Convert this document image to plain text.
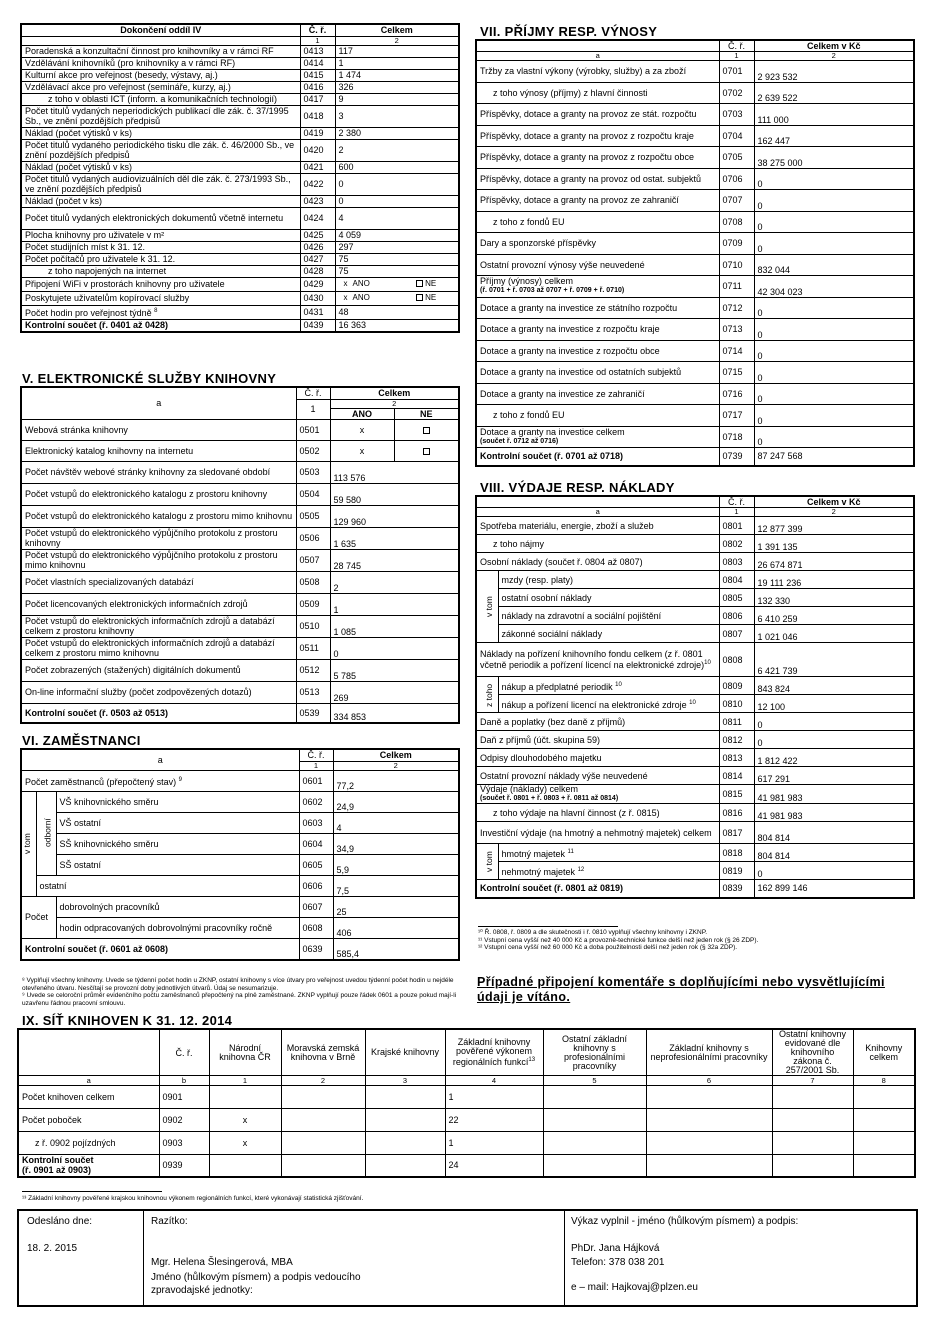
Dokončení oddíl IV	Č. ř.	Celkem
	1	2
Poradenská a konzultační činnost pro knihovníky a v rámci RF	0413	117
Vzdělávání knihovníků (pro knihovníky a v rámci RF)	0414	1
Kulturní akce pro veřejnost (besedy, výstavy, aj.)	0415	1 474
Vzdělávací akce pro veřejnost (semináře, kurzy, aj.)	0416	326
z toho v oblasti ICT (inform. a komunikačních technologií)	0417	9
Počet titulů vydaných neperiodických publikací dle zák. č. 37/1995 Sb., ve znění pozdějších předpisů	0418	3
Náklad (počet výtisků v ks)	0419	2 380
Počet titulů vydaného periodického tisku dle zák. č. 46/2000 Sb., ve znění pozdějších předpisů	0420	2
Náklad (počet výtisků v ks)	0421	600
Počet titulů vydaných audiovizuálních děl dle zák. č. 273/1993 Sb., ve znění pozdějších předpisů	0422	0
Náklad (počet v ks)	0423	0
Počet titulů vydaných elektronických dokumentů včetně internetu	0424	4
Plocha knihovny pro uživatele v m²	0425	4 059
Počet studijních míst k 31. 12.	0426	297
Počet počítačů pro uživatele k 31. 12.	0427	75
z toho napojených na internet	0428	75
Připojení WiFi v prostorách knihovny pro uživatele	0429	x ANO NE
Poskytujete uživatelům kopírovací služby	0430	x ANO NE
Počet hodin pro veřejnost týdně $^8$	0431	48
Kontrolní součet (ř. 0401 až 0428)	0439	16 363
V. ELEKTRONICKÉ SLUŽBY KNIHOVNY
a	Č. ř.	Celkem	
	1	2	
		ANO	NE
Webová stránka knihovny	0501	x	
Elektronický katalog knihovny na internetu	0502	x	
Počet návštěv webové stránky knihovny za sledované období	0503	113 576	
Počet vstupů do elektronického katalogu z prostoru knihovny	0504	59 580	
Počet vstupů do elektronického katalogu z prostoru mimo knihovnu	0505	129 960	
Počet vstupů do elektronického výpůjčního protokolu z prostoru knihovny	0506	1 635	
Počet vstupů do elektronického výpůjčního protokolu z prostoru mimo knihovnu	0507	28 745	
Počet vlastních specializovaných databází	0508	2	
Počet licencovaných elektronických informačních zdrojů	0509	1	
Počet vstupů do elektronických informačních zdrojů a databází celkem z prostoru knihovny	0510	1 085	
Počet vstupů do elektronických informačních zdrojů a databází celkem z prostoru mimo knihovnu	0511	0	
Počet zobrazených (stažených) digitálních dokumentů	0512	5 785	
On-line informační služby (počet zodpovězených dotazů)	0513	269	
Kontrolní součet (ř. 0503 až 0513)	0539	334 853	
VI. ZAMĚSTNANCI
a			Č. ř.	Celkem
			1	2
Počet zaměstnanců (přepočtený stav) $^9$			0601	77,2
v tom	odborní	VŠ knihovnického směru	0602	24,9
		VŠ ostatní	0603	4
		SŠ knihovnického směru	0604	34,9
		SŠ ostatní	0605	5,9
	ostatní		0606	7,5
Počet		dobrovolných pracovníků	0607	25
		hodin odpracovaných dobrovolnými pracovníky ročně	0608	406
Kontrolní součet (ř. 0601 až 0608)			0639	585,4
VII. PŘÍJMY RESP. VÝNOSY
	Č. ř.	Celkem v Kč
a	1	2
Tržby za vlastní výkony (výrobky, služby) a za zboží	0701	2 923 532
z toho výnosy (příjmy) z hlavní činnosti	0702	2 639 522
Příspěvky, dotace a granty na provoz ze stát. rozpočtu	0703	111 000
Příspěvky, dotace a granty na provoz z rozpočtu kraje	0704	162 447
Příspěvky, dotace a granty na provoz z rozpočtu obce	0705	38 275 000
Příspěvky, dotace a granty na provoz od ostat. subjektů	0706	0
Příspěvky, dotace a granty na provoz ze zahraničí	0707	0
z toho z fondů EU	0708	0
Dary a sponzorské příspěvky	0709	0
Ostatní provozní výnosy výše neuvedené	0710	832 044
Příjmy (výnosy) celkem
(ř. 0701 + ř. 0703 až 0707 + ř. 0709 + ř. 0710)	0711	42 304 023
Dotace a granty na investice ze státního rozpočtu	0712	0
Dotace a granty na investice z rozpočtu kraje	0713	0
Dotace a granty na investice z rozpočtu obce	0714	0
Dotace a granty na investice od ostatních subjektů	0715	0
Dotace a granty na investice ze zahraničí	0716	0
z toho z fondů EU	0717	0
Dotace a granty na investice celkem
(součet ř. 0712 až 0716)	0718	0
Kontrolní součet (ř. 0701 až 0718)	0739	87 247 568
VIII. VÝDAJE RESP. NÁKLADY
		Č. ř.	Celkem v Kč
a		1	2
Spotřeba materiálu, energie, zboží a služeb		0801	12 877 399
z toho nájmy		0802	1 391 135
Osobní náklady (součet ř. 0804 až 0807)		0803	26 674 871
v tom	mzdy (resp. platy)	0804	19 111 236
	ostatní osobní náklady	0805	132 330
	náklady na zdravotní a sociální pojištění	0806	6 410 259
	zákonné sociální náklady	0807	1 021 046
Náklady na pořízení knihovního fondu celkem (z ř. 0801 včetně periodik a pořízení licencí na elektronické zdroje)$^{10}$		0808	6 421 739
z toho	nákup a předplatné periodik $^{10}$	0809	843 824
	nákup a pořízení licencí na elektronické zdroje $^{10}$	0810	12 100
Daně a poplatky (bez daně z příjmů)		0811	0
Daň z příjmů (účt. skupina 59)		0812	0
Odpisy dlouhodobého majetku		0813	1 812 422
Ostatní provozní náklady výše neuvedené		0814	617 291
Výdaje (náklady) celkem
(součet ř. 0801 + ř. 0803 + ř. 0811 až 0814)		0815	41 981 983
z toho výdaje na hlavní činnost (z ř. 0815)		0816	41 981 983
Investiční výdaje (na hmotný a nehmotný majetek) celkem		0817	804 814
v tom	hmotný majetek $^{11}$	0818	804 814
	nehmotný majetek $^{12}$	0819	0
Kontrolní součet (ř. 0801 až 0819)		0839	162 899 146
¹⁰ Ř. 0808, ř. 0809 a dle skutečnosti i ř. 0810 vyplňují všechny knihovny i ZKNP.
¹¹ Vstupní cena vyšší než 40 000 Kč a provozně-technické funkce delší než jeden rok (§ 26 ZDP).
¹² Vstupní cena vyšší než 60 000 Kč a doba použitelnosti delší než jeden rok (§ 32a ZDP).
Případné připojení komentáře s doplňujícími nebo vysvětlujícími údaji je vítáno.
⁸ Vyplňují všechny knihovny. Uvede se týdenní počet hodin u ZKNP, ostatní knihovny s více útvary pro veřejnost uvedou týdenní počet hodin u nejdéle otevřeného útvaru. Nesčítají se provozní doby jednotlivých útvarů. Údaj se nesumarizuje.
⁹ Uvede se celoroční průměr evidenčního počtu zaměstnanců přepočtený na plně zaměstnané. ZKNP vyplňují pouze řádek 0601 a pouze pokud mají-li uzavřenu řádnou pracovní smlouvu.
IX. SÍŤ KNIHOVEN K 31. 12. 2014
	Č. ř.	Národní knihovna ČR	Moravská zemská knihovna v Brně	Krajské knihovny	Základní knihovny pověřené výkonem regionálních funkcí$^{13}$	Ostatní základní knihovny s profesionálními pracovníky	Základní knihovny s neprofesionálními pracovníky	Ostatní knihovny evidované dle knihovního zákona č. 257/2001 Sb.	Knihovny celkem
a	b	1	2	3	4	5	6	7	8
Počet knihoven celkem	0901				1				
Počet poboček	0902	x			22				
z ř. 0902 pojízdných	0903	x			1				

Kontrolní součet
(ř. 0901 až 0903)	0939				24				
¹³ Základní knihovny pověřené krajskou knihovnou výkonem regionálních funkcí, které vykonávají statistická zjišťování.
Odesláno dne:
18. 2. 2015
Razítko:
Mgr. Helena Šlesingerová, MBA
Jméno (hůlkovým písmem) a podpis vedoucího zpravodajské jednotky:
Výkaz vyplnil - jméno (hůlkovým písmem) a podpis:
PhDr. Jana Hájková
Telefon: 378 038 201
e – mail: Hajkovaj@plzen.eu
